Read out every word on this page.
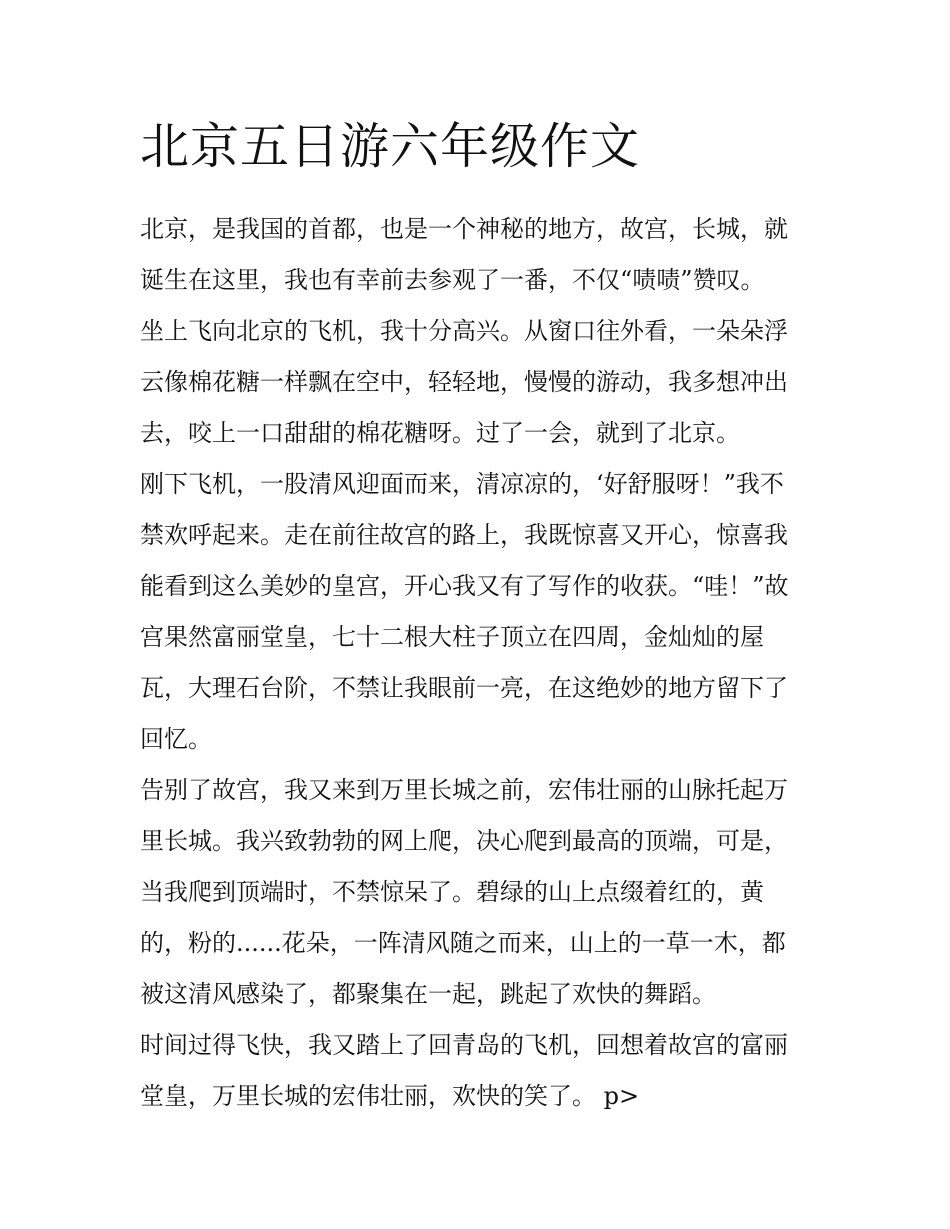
北京五日游六年级作文
北京，是我国的首都，也是一个神秘的地方，故宫，长城，就
诞生在这里，我也有幸前去参观了一番，不仅“啧啧”赞叹。
坐上飞向北京的飞机，我十分高兴。从窗口往外看，一朵朵浮
云像棉花糖一样飘在空中，轻轻地，慢慢的游动，我多想冲出
去，咬上一口甜甜的棉花糖呀。过了一会，就到了北京。
刚下飞机，一股清风迎面而来，清凉凉的，‘好舒服呀！”我不
禁欢呼起来。走在前往故宫的路上，我既惊喜又开心，惊喜我
能看到这么美妙的皇宫，开心我又有了写作的收获。“哇！”故
宫果然富丽堂皇，七十二根大柱子顶立在四周，金灿灿的屋
瓦，大理石台阶，不禁让我眼前一亮，在这绝妙的地方留下了
回忆。
告别了故宫，我又来到万里长城之前，宏伟壮丽的山脉托起万
里长城。我兴致勃勃的网上爬，决心爬到最高的顶端，可是，
当我爬到顶端时，不禁惊呆了。碧绿的山上点缀着红的，黄
的，粉的......花朵，一阵清风随之而来，山上的一草一木，都
被这清风感染了，都聚集在一起，跳起了欢快的舞蹈。
时间过得飞快，我又踏上了回青岛的飞机，回想着故宫的富丽
堂皇，万里长城的宏伟壮丽，欢快的笑了。 p>
